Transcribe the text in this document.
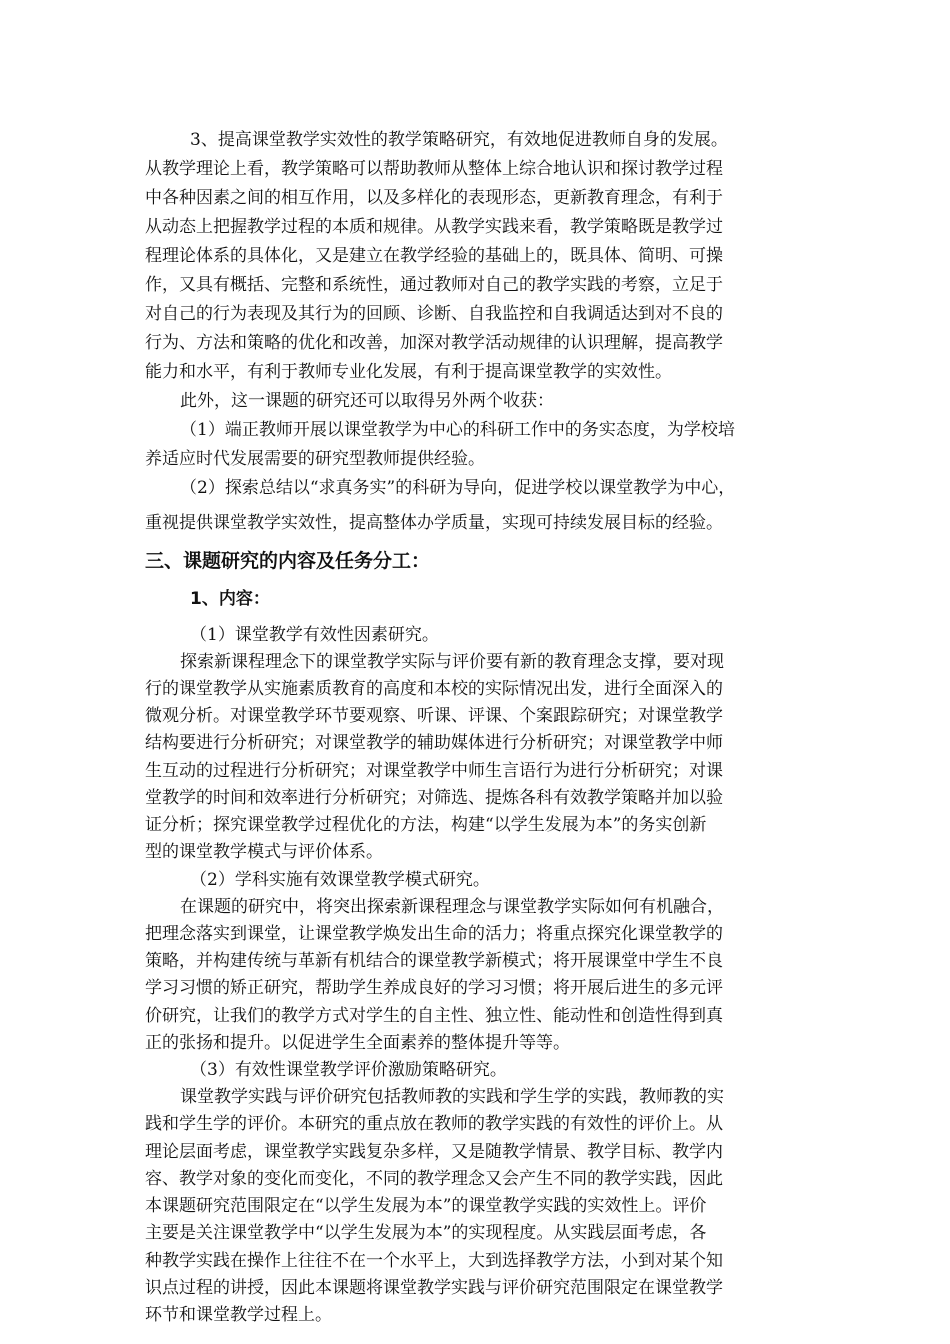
3、提高课堂教学实效性的教学策略研究，有效地促进教师自身的发展。
从教学理论上看，教学策略可以帮助教师从整体上综合地认识和探讨教学过程
中各种因素之间的相互作用，以及多样化的表现形态，更新教育理念，有利于
从动态上把握教学过程的本质和规律。从教学实践来看，教学策略既是教学过
程理论体系的具体化，又是建立在教学经验的基础上的，既具体、简明、可操
作，又具有概括、完整和系统性，通过教师对自己的教学实践的考察，立足于
对自己的行为表现及其行为的回顾、诊断、自我监控和自我调适达到对不良的
行为、方法和策略的优化和改善，加深对教学活动规律的认识理解，提高教学
能力和水平，有利于教师专业化发展，有利于提高课堂教学的实效性。
此外，这一课题的研究还可以取得另外两个收获：
（1）端正教师开展以课堂教学为中心的科研工作中的务实态度，为学校培
养适应时代发展需要的研究型教师提供经验。
（2）探索总结以“求真务实”的科研为导向，促进学校以课堂教学为中心，
重视提供课堂教学实效性，提高整体办学质量，实现可持续发展目标的经验。
三、课题研究的内容及任务分工：
1、内容：
（1）课堂教学有效性因素研究。
探索新课程理念下的课堂教学实际与评价要有新的教育理念支撑，要对现
行的课堂教学从实施素质教育的高度和本校的实际情况出发，进行全面深入的
微观分析。对课堂教学环节要观察、听课、评课、个案跟踪研究；对课堂教学
结构要进行分析研究；对课堂教学的辅助媒体进行分析研究；对课堂教学中师
生互动的过程进行分析研究；对课堂教学中师生言语行为进行分析研究；对课
堂教学的时间和效率进行分析研究；对筛选、提炼各科有效教学策略并加以验
证分析；探究课堂教学过程优化的方法，构建“以学生发展为本”的务实创新
型的课堂教学模式与评价体系。
（2）学科实施有效课堂教学模式研究。
在课题的研究中，将突出探索新课程理念与课堂教学实际如何有机融合，
把理念落实到课堂，让课堂教学焕发出生命的活力；将重点探究化课堂教学的
策略，并构建传统与革新有机结合的课堂教学新模式；将开展课堂中学生不良
学习习惯的矫正研究，帮助学生养成良好的学习习惯；将开展后进生的多元评
价研究，让我们的教学方式对学生的自主性、独立性、能动性和创造性得到真
正的张扬和提升。以促进学生全面素养的整体提升等等。
（3）有效性课堂教学评价激励策略研究。
课堂教学实践与评价研究包括教师教的实践和学生学的实践，教师教的实
践和学生学的评价。本研究的重点放在教师的教学实践的有效性的评价上。从
理论层面考虑，课堂教学实践复杂多样，又是随教学情景、教学目标、教学内
容、教学对象的变化而变化，不同的教学理念又会产生不同的教学实践，因此
本课题研究范围限定在“以学生发展为本”的课堂教学实践的实效性上。评价
主要是关注课堂教学中“以学生发展为本”的实现程度。从实践层面考虑，各
种教学实践在操作上往往不在一个水平上，大到选择教学方法，小到对某个知
识点过程的讲授，因此本课题将课堂教学实践与评价研究范围限定在课堂教学
环节和课堂教学过程上。
